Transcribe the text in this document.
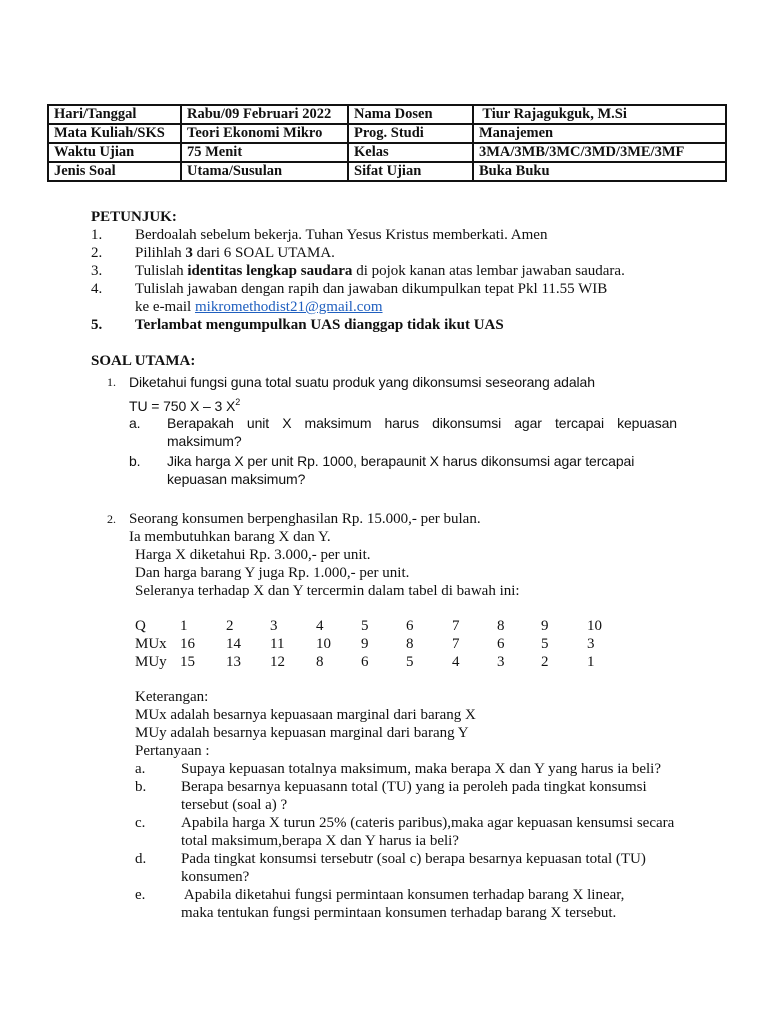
Hari/Tanggal	Rabu/09 Februari 2022	Nama Dosen	Tiur Rajagukguk, M.Si
Mata Kuliah/SKS	Teori Ekonomi Mikro	Prog. Studi	Manajemen
Waktu Ujian	75 Menit	Kelas	3MA/3MB/3MC/3MD/3ME/3MF
Jenis Soal	Utama/Susulan	Sifat Ujian	Buka Buku
PETUNJUK:
1. Berdoalah sebelum bekerja. Tuhan Yesus Kristus memberkati. Amen
2. Pilihlah 3 dari 6 SOAL UTAMA.
3. Tulislah identitas lengkap saudara di pojok kanan atas lembar jawaban saudara.
4. Tulislah jawaban dengan rapih dan jawaban dikumpulkan tepat Pkl 11.55 WIB
ke e-mail mikromethodist21@gmail.com
5. Terlambat mengumpulkan UAS dianggap tidak ikut UAS
SOAL UTAMA:
1. Diketahui fungsi guna total suatu produk yang dikonsumsi seseorang adalah
TU = 750 X – 3 $X^2$
a. Berapakah unit X maksimum harus dikonsumsi agar tercapai kepuasan
maksimum?
b. Jika harga X per unit Rp. 1000, berapaunit X harus dikonsumsi agar tercapai
kepuasan maksimum?
2. Seorang konsumen berpenghasilan Rp. 15.000,- per bulan.
Ia membutuhkan barang X dan Y.
Harga X diketahui Rp. 3.000,- per unit.
Dan harga barang Y juga Rp. 1.000,- per unit.
Seleranya terhadap X dan Y tercermin dalam tabel di bawah ini:
Q 1	2 3	4	5	6	7	8 9	10
MUx 16 14 11 10 9	8	7	6 5	3
MUy 15 13 12 8	6	5	4	3 2	1
Keterangan:
MUx adalah besarnya kepuasaan marginal dari barang X
MUy adalah besarnya kepuasan marginal dari barang Y
Pertanyaan :
a. Supaya kepuasan totalnya maksimum, maka berapa X dan Y yang harus ia beli?
b. Berapa besarnya kepuasann total (TU) yang ia peroleh pada tingkat konsumsi
tersebut (soal a) ?
c. Apabila harga X turun 25% (cateris paribus),maka agar kepuasan kensumsi secara
total maksimum,berapa X dan Y harus ia beli?
d. Pada tingkat konsumsi tersebutr (soal c) berapa besarnya kepuasan total (TU)
konsumen?
e. Apabila diketahui fungsi permintaan konsumen terhadap barang X linear,
maka tentukan fungsi permintaan konsumen terhadap barang X tersebut.
